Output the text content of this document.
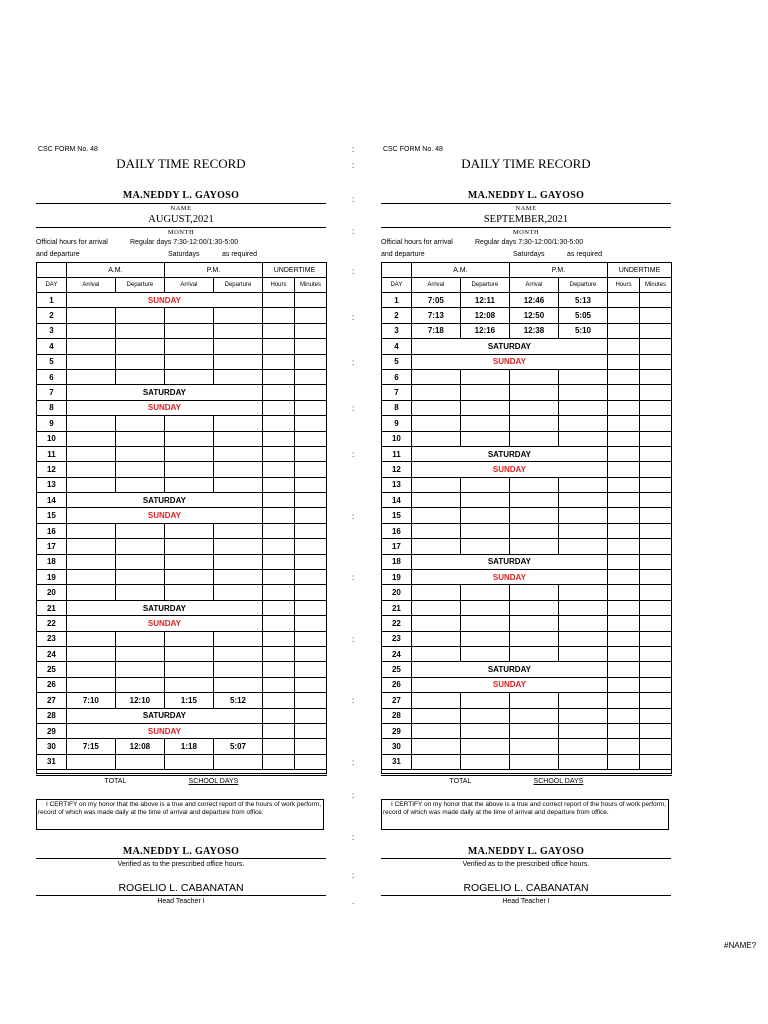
CSC FORM No. 48
DAILY TIME RECORD
MA.NEDDY L. GAYOSO
NAME
AUGUST,2021
MONTH
Official hours for arrival	Regular days 7:30-12:00/1:30-5:00
and departure	Saturdays	as required
	A.M.		P.M.		UNDERTIME	
DAY	Arrival	Departure	Arrival	Departure	Hours	Minutes
1	SUNDAY					
2						
3						
4						
5						
6						
7	SATURDAY					
8	SUNDAY					
9						
10						
11						
12						
13						
14	SATURDAY					
15	SUNDAY					
16						
17						
18						
19						
20						
21	SATURDAY					
22	SUNDAY					
23						
24						
25						
26						
27	7:10	12:10	1:15	5:12		
28	SATURDAY					
29	SUNDAY					
30	7:15	12:08	1:18	5:07		
31						

	TOTAL		SCHOOL DAYS			
I CERTIFY on my honor that the above is a true and correct report of the hours of work perform, record of which was made daily at the time of arrival and departure from office.
MA.NEDDY L. GAYOSO
Verified as to the prescribed office hours.
ROGELIO L. CABANATAN
Head Teacher I
CSC FORM No. 48
DAILY TIME RECORD
MA.NEDDY L. GAYOSO
NAME
SEPTEMBER,2021
MONTH
Official hours for arrival	Regular days 7:30-12:00/1:30-5:00
and departure	Saturdays	as required
	A.M.		P.M.		UNDERTIME	
DAY	Arrival	Departure	Arrival	Departure	Hours	Minutes
1	7:05	12:11	12:46	5:13		
2	7:13	12:08	12:50	5:05		
3	7:18	12:16	12:38	5:10		
4	SATURDAY					
5	SUNDAY					
6						
7						
8						
9						
10						
11	SATURDAY					
12	SUNDAY					
13						
14						
15						
16						
17						
18	SATURDAY					
19	SUNDAY					
20						
21						
22						
23						
24						
25	SATURDAY					
26	SUNDAY					
27						
28						
29						
30						
31						

	TOTAL		SCHOOL DAYS			
I CERTIFY on my honor that the above is a true and correct report of the hours of work perform, record of which was made daily at the time of arrival and departure from office.
MA.NEDDY L. GAYOSO
Verified as to the prescribed office hours.
ROGELIO L. CABANATAN
Head Teacher I
:
:
:
:
:
:
:
:
:
:
:
:
:
:
:
:
:
.
#NAME?
